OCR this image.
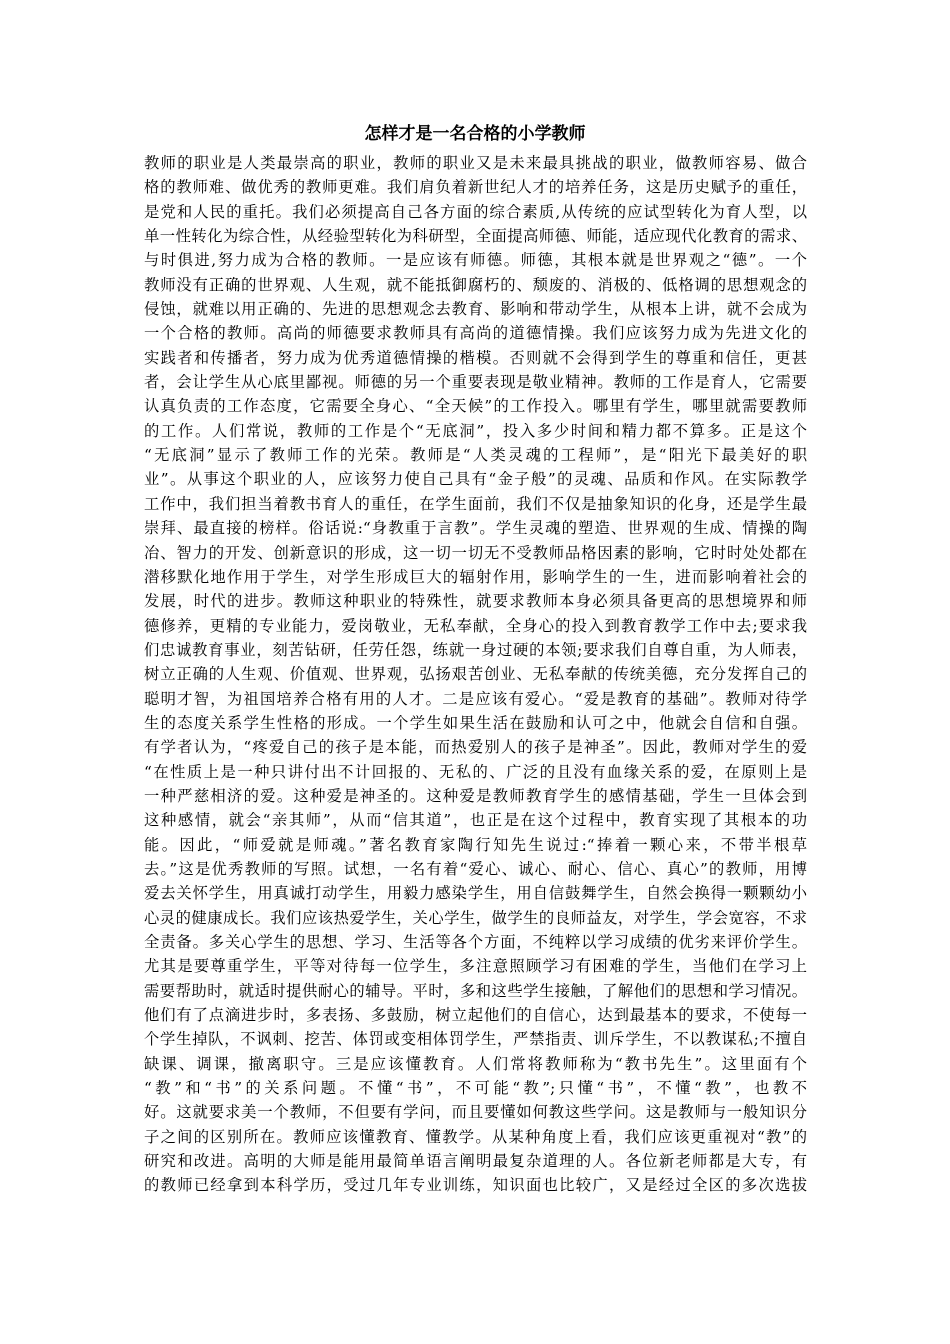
怎样才是一名合格的小学教师
教师的职业是人类最崇高的职业，教师的职业又是未来最具挑战的职业，做教师容易、做合
格的教师难、做优秀的教师更难。我们肩负着新世纪人才的培养任务，这是历史赋予的重任，
是党和人民的重托。我们必须提高自己各方面的综合素质,从传统的应试型转化为育人型，以
单一性转化为综合性，从经验型转化为科研型，全面提高师德、师能，适应现代化教育的需求、
与时俱进,努力成为合格的教师。一是应该有师德。师德，其根本就是世界观之“德”。一个
教师没有正确的世界观、人生观，就不能抵御腐朽的、颓废的、消极的、低格调的思想观念的
侵蚀，就难以用正确的、先进的思想观念去教育、影响和带动学生，从根本上讲，就不会成为
一个合格的教师。高尚的师德要求教师具有高尚的道德情操。我们应该努力成为先进文化的
实践者和传播者，努力成为优秀道德情操的楷模。否则就不会得到学生的尊重和信任，更甚
者，会让学生从心底里鄙视。师德的另一个重要表现是敬业精神。教师的工作是育人，它需要
认真负责的工作态度，它需要全身心、“全天候”的工作投入。哪里有学生，哪里就需要教师
的工作。人们常说，教师的工作是个“无底洞”，投入多少时间和精力都不算多。正是这个
“无底洞”显示了教师工作的光荣。教师是“人类灵魂的工程师”，是“阳光下最美好的职
业”。从事这个职业的人，应该努力使自己具有“金子般”的灵魂、品质和作风。在实际教学
工作中，我们担当着教书育人的重任，在学生面前，我们不仅是抽象知识的化身，还是学生最
崇拜、最直接的榜样。俗话说:“身教重于言教”。学生灵魂的塑造、世界观的生成、情操的陶
冶、智力的开发、创新意识的形成，这一切一切无不受教师品格因素的影响，它时时处处都在
潜移默化地作用于学生，对学生形成巨大的辐射作用，影响学生的一生，进而影响着社会的
发展，时代的进步。教师这种职业的特殊性，就要求教师本身必须具备更高的思想境界和师
德修养，更精的专业能力，爱岗敬业，无私奉献，全身心的投入到教育教学工作中去;要求我
们忠诚教育事业，刻苦钻研，任劳任怨，练就一身过硬的本领;要求我们自尊自重，为人师表，
树立正确的人生观、价值观、世界观，弘扬艰苦创业、无私奉献的传统美德，充分发挥自己的
聪明才智，为祖国培养合格有用的人才。二是应该有爱心。“爱是教育的基础”。教师对待学
生的态度关系学生性格的形成。一个学生如果生活在鼓励和认可之中，他就会自信和自强。
有学者认为，“疼爱自己的孩子是本能，而热爱别人的孩子是神圣”。因此，教师对学生的爱
“在性质上是一种只讲付出不计回报的、无私的、广泛的且没有血缘关系的爱，在原则上是
一种严慈相济的爱。这种爱是神圣的。这种爱是教师教育学生的感情基础，学生一旦体会到
这种感情，就会“亲其师”，从而“信其道”，也正是在这个过程中，教育实现了其根本的功
能。因此，“师爱就是师魂。”著名教育家陶行知先生说过:“捧着一颗心来，不带半根草
去。”这是优秀教师的写照。试想，一名有着“爱心、诚心、耐心、信心、真心”的教师，用博
爱去关怀学生，用真诚打动学生，用毅力感染学生，用自信鼓舞学生，自然会换得一颗颗幼小
心灵的健康成长。我们应该热爱学生，关心学生，做学生的良师益友，对学生，学会宽容，不求
全责备。多关心学生的思想、学习、生活等各个方面，不纯粹以学习成绩的优劣来评价学生。
尤其是要尊重学生，平等对待每一位学生，多注意照顾学习有困难的学生，当他们在学习上
需要帮助时，就适时提供耐心的辅导。平时，多和这些学生接触，了解他们的思想和学习情况。
他们有了点滴进步时，多表扬、多鼓励，树立起他们的自信心，达到最基本的要求，不使每一
个学生掉队，不讽刺、挖苦、体罚或变相体罚学生，严禁指责、训斥学生，不以教谋私;不擅自
缺课、调课，撤离职守。三是应该懂教育。人们常将教师称为“教书先生”。这里面有个
“教”和“书”的关系问题。不懂“书”，不可能“教”;只懂“书”，不懂“教”，也教不
好。这就要求美一个教师，不但要有学问，而且要懂如何教这些学问。这是教师与一般知识分
子之间的区别所在。教师应该懂教育、懂教学。从某种角度上看，我们应该更重视对“教”的
研究和改进。高明的大师是能用最简单语言阐明最复杂道理的人。各位新老师都是大专，有
的教师已经拿到本科学历，受过几年专业训练，知识面也比较广，又是经过全区的多次选拔
